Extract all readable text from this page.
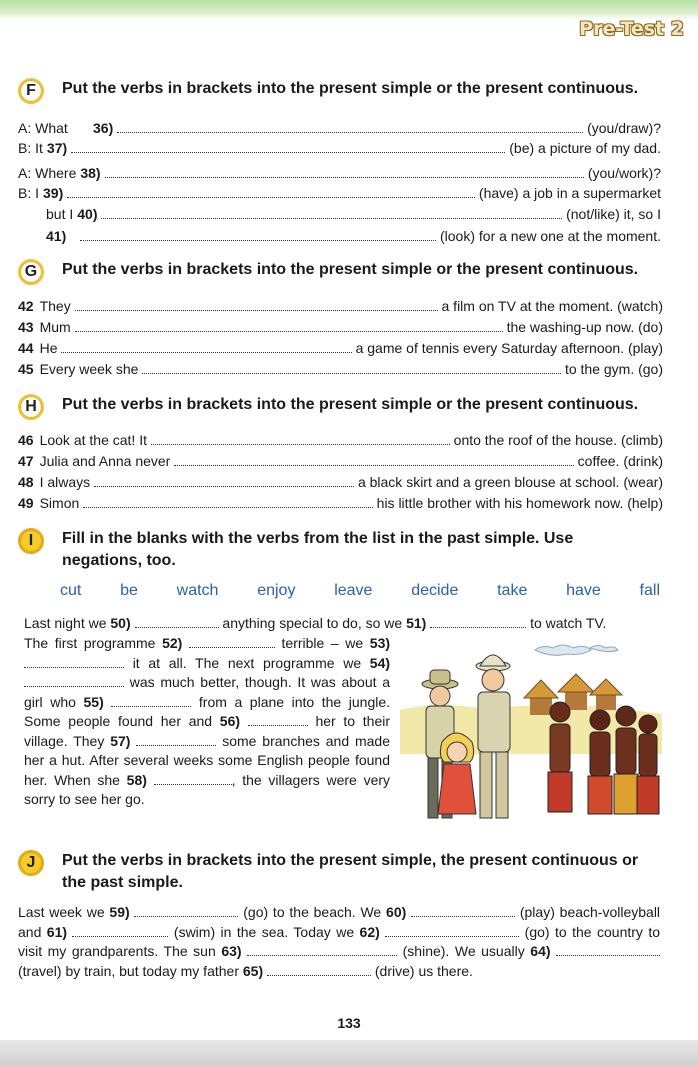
Pre-Test 2
F	Put the verbs in brackets into the present simple or the present continuous.
A: What 36)	(you/draw)?
B: It 37)	(be) a picture of my dad.
A: Where 38)	(you/work)?
B: I 39)	(have) a job in a supermarket
but I 40)	(not/like) it, so I
41)	(look) for a new one at the moment.
G	Put the verbs in brackets into the present simple or the present continuous.
42 They	a film on TV at the moment. (watch)
43 Mum	the washing-up now. (do)
44 He	a game of tennis every Saturday afternoon. (play)
45 Every week she	to the gym. (go)
H	Put the verbs in brackets into the present simple or the present continuous.
46 Look at the cat! It	onto the roof of the house. (climb)
47 Julia and Anna never	coffee. (drink)
48 I always	a black skirt and a green blouse at school. (wear)
49 Simon	his little brother with his homework now. (help)
I	Fill in the blanks with the verbs from the list in the past simple. Use negations, too.
cut be watch enjoy leave decide take have fall
Last night we 50)	anything special to do, so we 51)	to watch TV.
The first programme 52)	terrible – we 53)  it at all. The next programme we 54)  was much better, though. It was about a girl who 55)	from a plane into the jungle. Some people found her and 56)	her to their village. They 57)	some branches and made her a hut. After several weeks some English people found her. When she 58)	, the villagers were very sorry to see her go.
J	Put the verbs in brackets into the present simple, the present continuous or the past simple.
Last week we 59)	(go) to the beach. We 60)	(play) beach-volleyball and 61)	(swim) in the sea. Today we 62)	(go) to the country to visit my grandparents. The sun 63)	(shine). We usually 64)  (travel) by train, but today my father 65)	(drive) us there.
133
